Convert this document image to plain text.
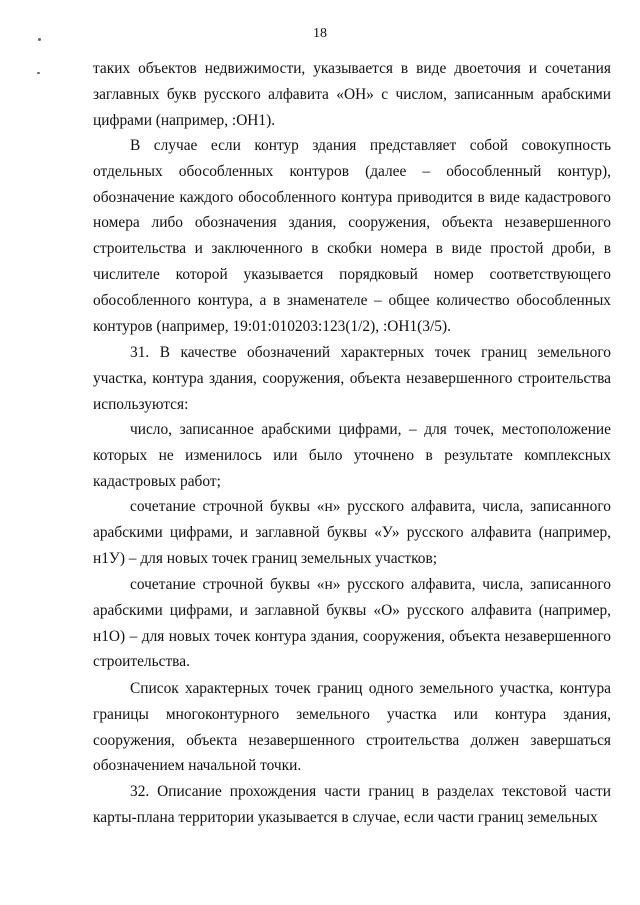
18

таких объектов недвижимости, указывается в виде двоеточия и сочетания заглавных букв русского алфавита «ОН» с числом, записанным арабскими цифрами (например, :ОН1).

В случае если контур здания представляет собой совокупность отдельных обособленных контуров (далее – обособленный контур), обозначение каждого обособленного контура приводится в виде кадастрового номера либо обозначения здания, сооружения, объекта незавершенного строительства и заключенного в скобки номера в виде простой дроби, в числителе которой указывается порядковый номер соответствующего обособленного контура, а в знаменателе – общее количество обособленных контуров (например, 19:01:010203:123(1/2), :ОН1(3/5).

31. В качестве обозначений характерных точек границ земельного участка, контура здания, сооружения, объекта незавершенного строительства используются:

число, записанное арабскими цифрами, – для точек, местоположение которых не изменилось или было уточнено в результате комплексных кадастровых работ;

сочетание строчной буквы «н» русского алфавита, числа, записанного арабскими цифрами, и заглавной буквы «У» русского алфавита (например, н1У) – для новых точек границ земельных участков;

сочетание строчной буквы «н» русского алфавита, числа, записанного арабскими цифрами, и заглавной буквы «О» русского алфавита (например, н1О) – для новых точек контура здания, сооружения, объекта незавершенного строительства.

Список характерных точек границ одного земельного участка, контура границы многоконтурного земельного участка или контура здания, сооружения, объекта незавершенного строительства должен завершаться обозначением начальной точки.

32. Описание прохождения части границ в разделах текстовой части карты-плана территории указывается в случае, если части границ земельных
